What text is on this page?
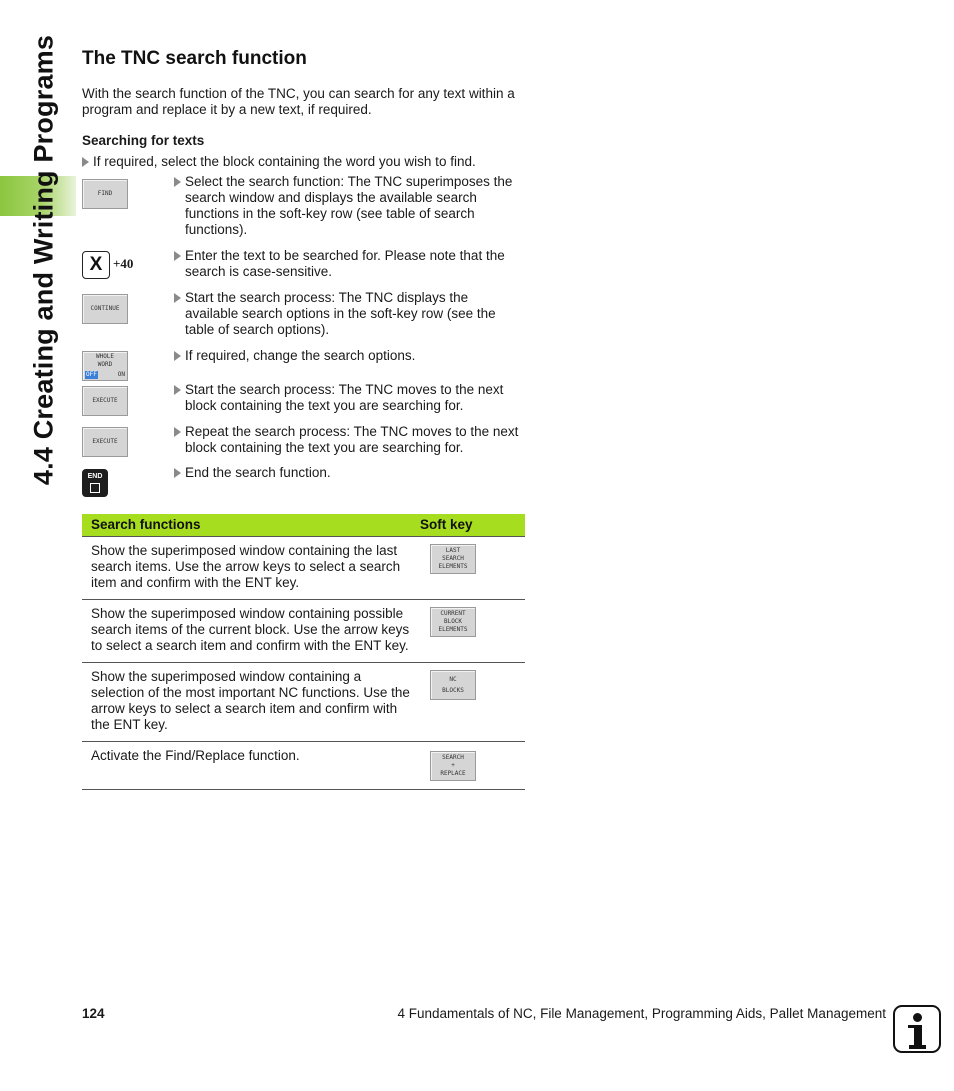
4.4 Creating and Writing Programs The TNC search function

With the search function of the TNC, you can search for any text within a program and replace it by a new text, if required.

Searching for texts
If required, select the block containing the word you wish to find.
FIND
Select the search function: The TNC superimposes the search window and displays the available search functions in the soft-key row (see table of search functions).
X +40
Enter the text to be searched for. Please note that the search is case-sensitive.
CONTINUE
Start the search process: The TNC displays the available search options in the soft-key row (see the table of search options).
WHOLE
WORD
OFF	ON
If required, change the search options.
EXECUTE
Start the search process: The TNC moves to the next block containing the text you are searching for.
EXECUTE
Repeat the search process: The TNC moves to the next block containing the text you are searching for.
END	End the search function.
Search functions	Soft key
Show the superimposed window containing the last search items. Use the arrow keys to select a search item and confirm with the ENT key.	LAST
SEARCH
ELEMENTS

Show the superimposed window containing possible search items of the current block. Use the arrow keys to select a search item and confirm with the ENT key.	CURRENT
BLOCK
ELEMENTS

Show the superimposed window containing a selection of the most important NC functions. Use the arrow keys to select a search item and confirm with the ENT key.	NC
BLOCKS

Activate the Find/Replace function.	SEARCH
+
REPLACE
124	4 Fundamentals of NC, File Management, Programming Aids, Pallet Management
